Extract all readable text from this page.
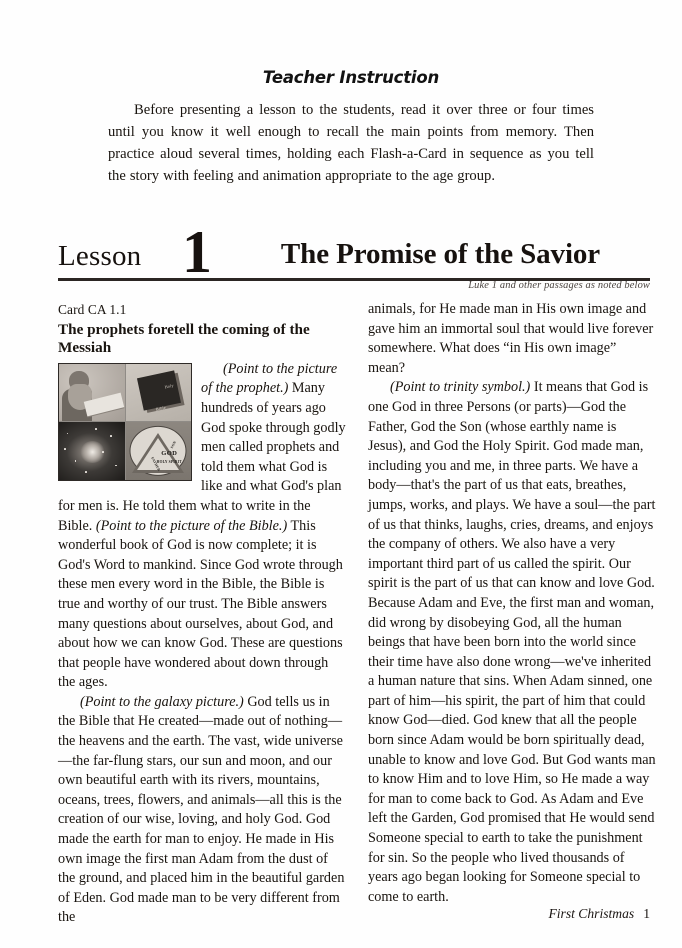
Teacher Instruction

Before presenting a lesson to the students, read it over three or four times until you know it well enough to recall the main points from memory. Then practice aloud several times, holding each Flash-a-Card in sequence as you tell the story with feeling and animation appropriate to the age group.

Lesson 1	The Promise of the Savior
Luke 1 and other passages as noted below

Card CA 1.1

The prophets foretell the coming of the Messiah

Holy Bible
GOD
FATHER
SON
HOLY SPIRIT
(Point to the picture of the prophet.) Many hundreds of years ago God spoke through godly men called prophets and told them what God is like and what God's plan for men is. He told them what to write in the Bible. (Point to the picture of the Bible.) This wonderful book of God is now complete; it is God's Word to mankind. Since God wrote through these men every word in the Bible, the Bible is true and worthy of our trust. The Bible answers many questions about ourselves, about God, and about how we can know God. These are questions that people have wondered about down through the ages.

(Point to the galaxy picture.) God tells us in the Bible that He created—made out of nothing—the heavens and the earth. The vast, wide universe—the far-flung stars, our sun and moon, and our own beautiful earth with its rivers, mountains, oceans, trees, flowers, and animals—all this is the creation of our wise, loving, and holy God. God made the earth for man to enjoy. He made in His own image the first man Adam from the dust of the ground, and placed him in the beautiful garden of Eden. God made man to be very different from the

animals, for He made man in His own image and gave him an immortal soul that would live forever somewhere. What does “in His own image” mean?

(Point to trinity symbol.) It means that God is one God in three Persons (or parts)—God the Father, God the Son (whose earthly name is Jesus), and God the Holy Spirit. God made man, including you and me, in three parts. We have a body—that's the part of us that eats, breathes, jumps, works, and plays. We have a soul—the part of us that thinks, laughs, cries, dreams, and enjoys the company of others. We also have a very important third part of us called the spirit. Our spirit is the part of us that can know and love God. Because Adam and Eve, the first man and woman, did wrong by disobeying God, all the human beings that have been born into the world since their time have also done wrong—we've inherited a human nature that sins. When Adam sinned, one part of him—his spirit, the part of him that could know God—died. God knew that all the people born since Adam would be born spiritually dead, unable to know and love God. But God wants man to know Him and to love Him, so He made a way for man to come back to God. As Adam and Eve left the Garden, God promised that He would send Someone special to earth to take the punishment for sin. So the people who lived thousands of years ago began looking for Someone special to come to earth.

First Christmas 1
